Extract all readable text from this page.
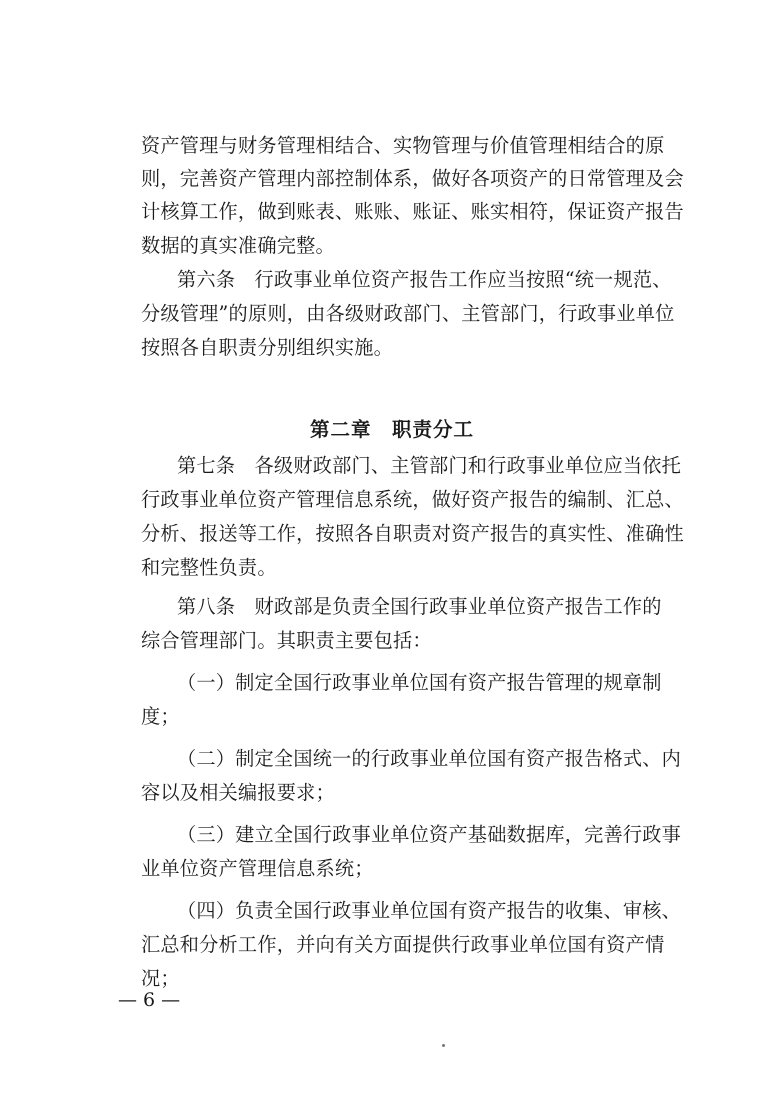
资产管理与财务管理相结合、实物管理与价值管理相结合的原
则，完善资产管理内部控制体系，做好各项资产的日常管理及会
计核算工作，做到账表、账账、账证、账实相符，保证资产报告
数据的真实准确完整。
第六条　行政事业单位资产报告工作应当按照“统一规范、
分级管理”的原则，由各级财政部门、主管部门，行政事业单位
按照各自职责分别组织实施。
第二章　职责分工
第七条　各级财政部门、主管部门和行政事业单位应当依托
行政事业单位资产管理信息系统，做好资产报告的编制、汇总、
分析、报送等工作，按照各自职责对资产报告的真实性、准确性
和完整性负责。
第八条　财政部是负责全国行政事业单位资产报告工作的
综合管理部门。其职责主要包括：
（一）制定全国行政事业单位国有资产报告管理的规章制
度；
（二）制定全国统一的行政事业单位国有资产报告格式、内
容以及相关编报要求；
（三）建立全国行政事业单位资产基础数据库，完善行政事
业单位资产管理信息系统；
（四）负责全国行政事业单位国有资产报告的收集、审核、
汇总和分析工作，并向有关方面提供行政事业单位国有资产情
况；
— 6 —
